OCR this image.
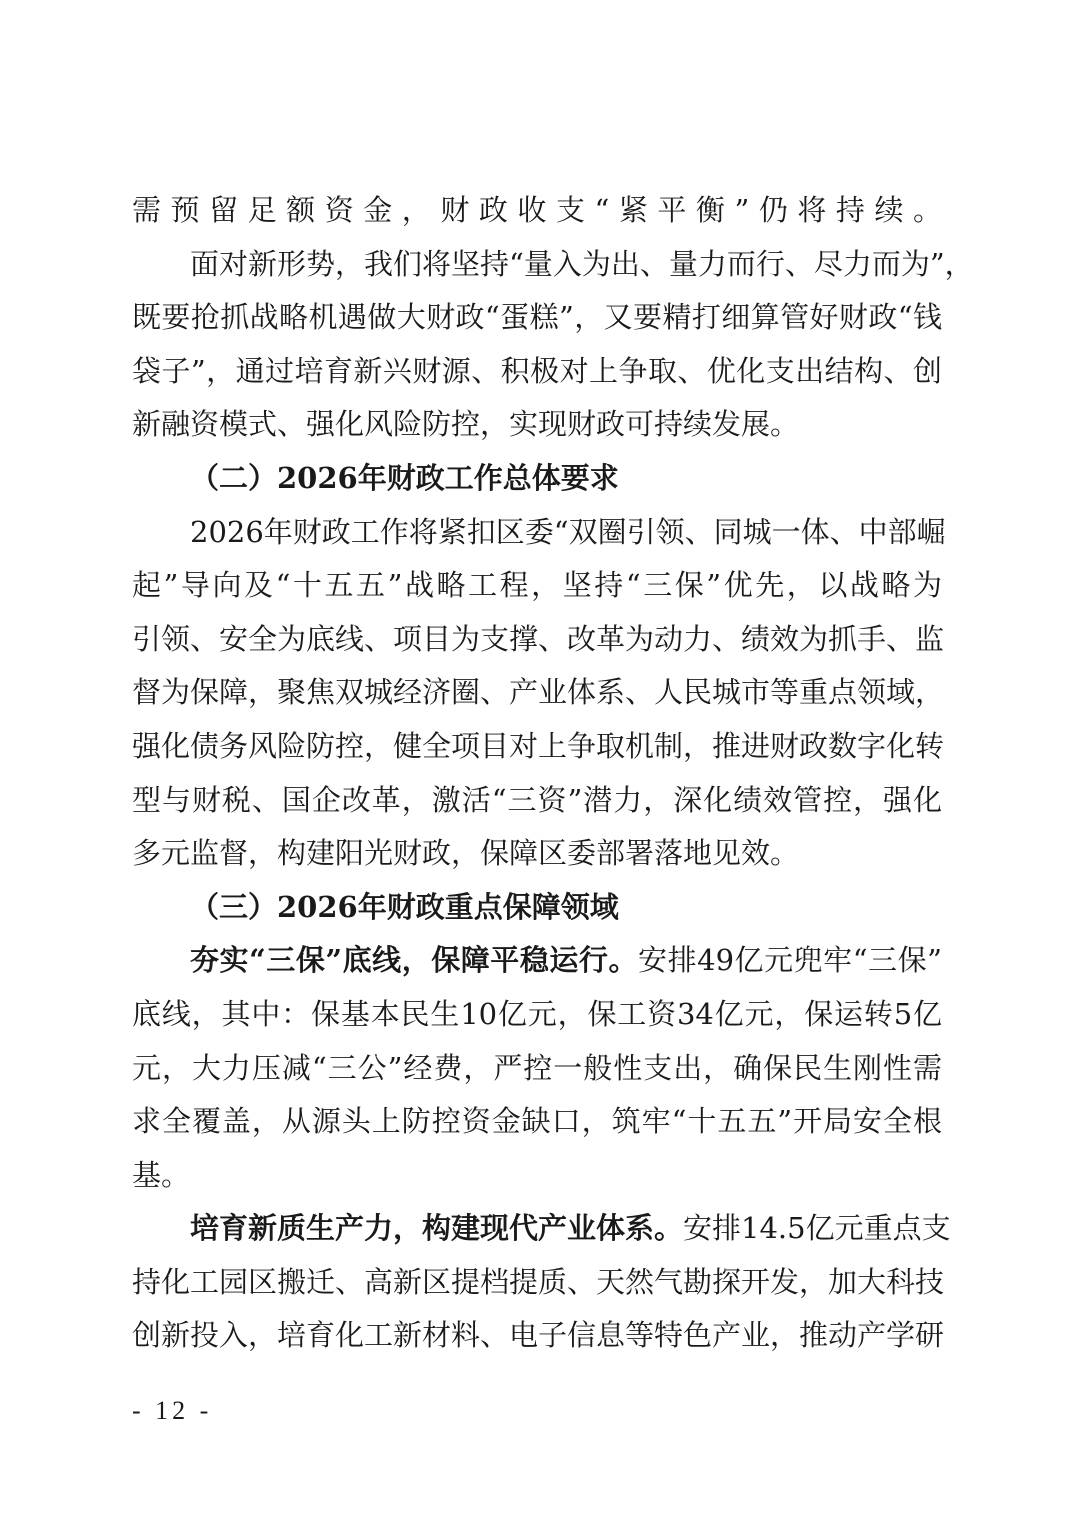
需预留足额资金，财政收支“紧平衡”仍将持续。
面对新形势，我们将坚持“量入为出、量力而行、尽力而为”，
既要抢抓战略机遇做大财政“蛋糕”，又要精打细算管好财政“钱
袋子”，通过培育新兴财源、积极对上争取、优化支出结构、创
新融资模式、强化风险防控，实现财政可持续发展。
（二）2026年财政工作总体要求
2026年财政工作将紧扣区委“双圈引领、同城一体、中部崛
起”导向及“十五五”战略工程，坚持“三保”优先，以战略为
引领、安全为底线、项目为支撑、改革为动力、绩效为抓手、监
督为保障，聚焦双城经济圈、产业体系、人民城市等重点领域，
强化债务风险防控，健全项目对上争取机制，推进财政数字化转
型与财税、国企改革，激活“三资”潜力，深化绩效管控，强化
多元监督，构建阳光财政，保障区委部署落地见效。
（三）2026年财政重点保障领域
夯实“三保”底线，保障平稳运行。安排49亿元兜牢“三保”
底线，其中：保基本民生10亿元，保工资34亿元，保运转5亿
元，大力压减“三公”经费，严控一般性支出，确保民生刚性需
求全覆盖，从源头上防控资金缺口，筑牢“十五五”开局安全根
基。
培育新质生产力，构建现代产业体系。安排14.5亿元重点支
持化工园区搬迁、高新区提档提质、天然气勘探开发，加大科技
创新投入，培育化工新材料、电子信息等特色产业，推动产学研
- 12 -
